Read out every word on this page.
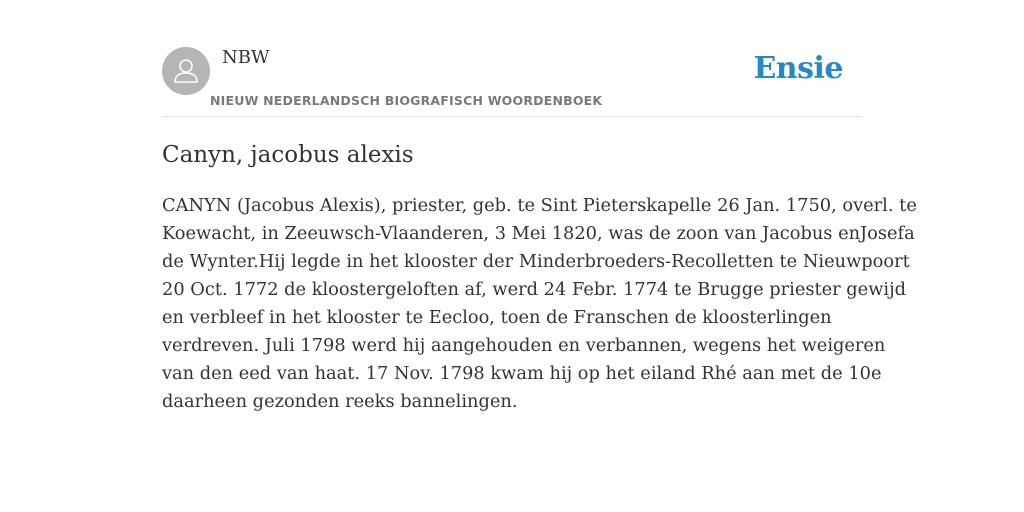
NBW
NIEUW NEDERLANDSCH BIOGRAFISCH WOORDENBOEK
Ensie
Canyn, jacobus alexis
CANYN (Jacobus Alexis), priester, geb. te Sint Pieterskapelle 26 Jan. 1750, overl. te
Koewacht, in Zeeuwsch-Vlaanderen, 3 Mei 1820, was de zoon van Jacobus enJosefa
de Wynter.Hij legde in het klooster der Minderbroeders-Recolletten te Nieuwpoort
20 Oct. 1772 de kloostergeloften af, werd 24 Febr. 1774 te Brugge priester gewijd
en verbleef in het klooster te Eecloo, toen de Franschen de kloosterlingen
verdreven. Juli 1798 werd hij aangehouden en verbannen, wegens het weigeren
van den eed van haat. 17 Nov. 1798 kwam hij op het eiland Rhé aan met de 10e
daarheen gezonden reeks bannelingen.
